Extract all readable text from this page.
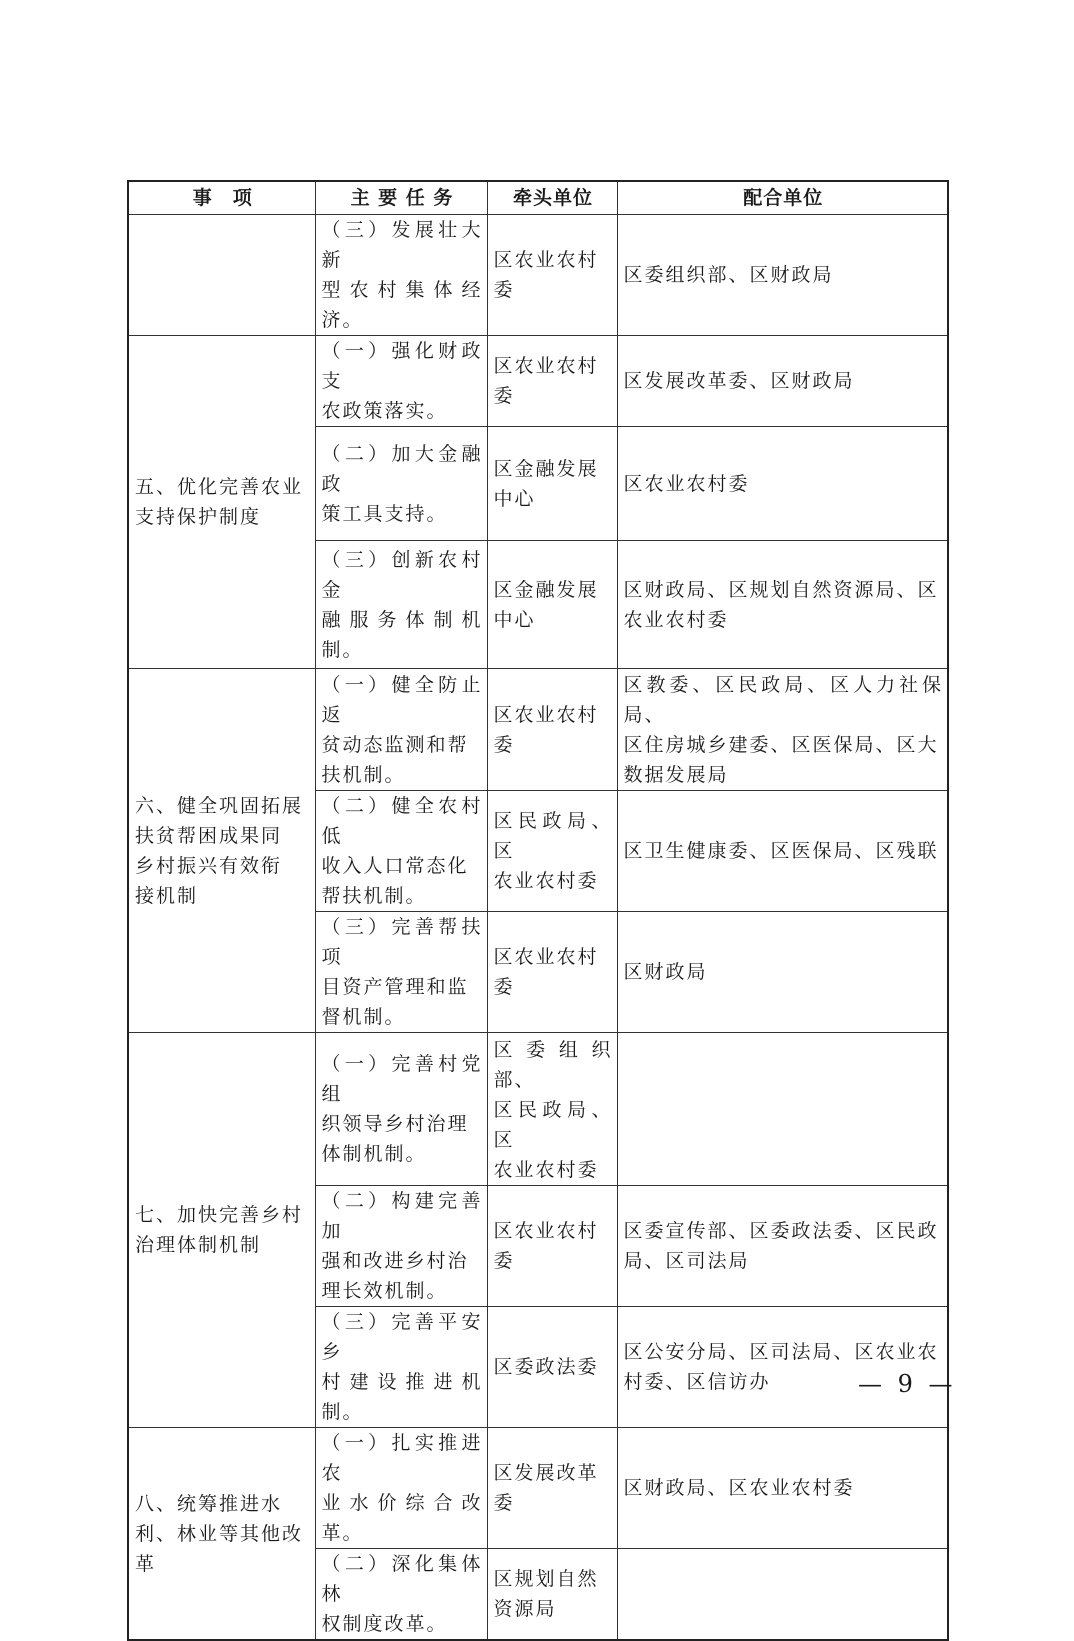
事　项	主 要 任 务	牵头单位	配合单位
	（三）发展壮大新
型农村集体经济。	区农业农村
委	区委组织部、区财政局
五、优化完善农业
支持保护制度	（一）强化财政支
农政策落实。	区农业农村
委	区发展改革委、区财政局
	（二）加大金融政
策工具支持。	区金融发展
中心	区农业农村委
	（三）创新农村金
融服务体制机制。	区金融发展
中心	区财政局、区规划自然资源局、区
农业农村委
六、健全巩固拓展
扶贫帮困成果同
乡村振兴有效衔
接机制	（一）健全防止返
贫动态监测和帮
扶机制。	区农业农村
委	区教委、区民政局、区人力社保局、
区住房城乡建委、区医保局、区大
数据发展局
	（二）健全农村低
收入人口常态化
帮扶机制。	区民政局、区
农业农村委	区卫生健康委、区医保局、区残联
	（三）完善帮扶项
目资产管理和监
督机制。	区农业农村
委	区财政局
七、加快完善乡村
治理体制机制	（一）完善村党组
织领导乡村治理
体制机制。	区委组织部、
区民政局、区
农业农村委	
	（二）构建完善加
强和改进乡村治
理长效机制。	区农业农村
委	区委宣传部、区委政法委、区民政
局、区司法局
	（三）完善平安乡
村建设推进机制。	区委政法委	区公安分局、区司法局、区农业农
村委、区信访办
八、统筹推进水
利、林业等其他改
革	（一）扎实推进农
业水价综合改革。	区发展改革
委	区财政局、区农业农村委
	（二）深化集体林
权制度改革。	区规划自然
资源局	
— 9 —
